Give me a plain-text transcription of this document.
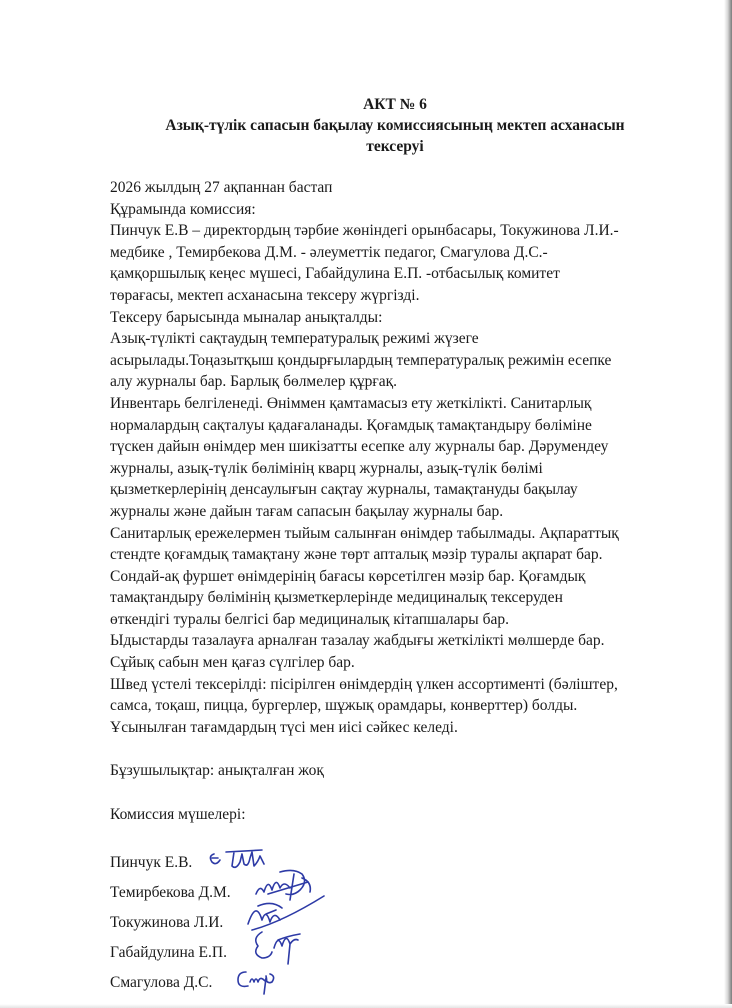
АКТ № 6

Азық-түлік сапасын бақылау комиссиясының мектеп асханасын

тексеруі

2026 жылдың 27 ақпаннан бастап
Құрамында комиссия:
Пинчук Е.В – директордың тәрбие жөніндегі орынбасары, Токужинова Л.И.-
медбике , Темирбекова Д.М. - әлеуметтік педагог, Смагулова Д.С.-
қамқоршылық кеңес мүшесі, Габайдулина Е.П. -отбасылық комитет
төрағасы, мектеп асханасына тексеру жүргізді.
Тексеру барысында мыналар анықталды:
Азық-түлікті сақтаудың температуралық режимі жүзеге
асырылады.Тоңазытқыш қондырғылардың температуралық режимін есепке
алу журналы бар. Барлық бөлмелер құрғақ.
Инвентарь белгіленеді. Өніммен қамтамасыз ету жеткілікті. Санитарлық
нормалардың сақталуы қадағаланады. Қоғамдық тамақтандыру бөліміне
түскен дайын өнімдер мен шикізатты есепке алу журналы бар. Дәрумендеу
журналы, азық-түлік бөлімінің кварц журналы, азық-түлік бөлімі
қызметкерлерінің денсаулығын сақтау журналы, тамақтануды бақылау
журналы және дайын тағам сапасын бақылау журналы бар.
Санитарлық ережелермен тыйым салынған өнімдер табылмады. Ақпараттық
стендте қоғамдық тамақтану және төрт апталық мәзір туралы ақпарат бар.
Сондай-ақ фуршет өнімдерінің бағасы көрсетілген мәзір бар. Қоғамдық
тамақтандыру бөлімінің қызметкерлерінде медициналық тексеруден
өткендігі туралы белгісі бар медициналық кітапшалары бар.
Ыдыстарды тазалауға арналған тазалау жабдығы жеткілікті мөлшерде бар.
Сұйық сабын мен қағаз сүлгілер бар.
Швед үстелі тексерілді: пісірілген өнімдердің үлкен ассортименті (бәліштер,
самса, тоқаш, пицца, бургерлер, шұжық орамдары, конверттер) болды.
Ұсынылған тағамдардың түсі мен иісі сәйкес келеді.
Бұзушылықтар: анықталған жоқ
Комиссия мүшелері:
Пинчук Е.В.
Темирбекова Д.М.
Токужинова Л.И.
Габайдулина Е.П.
Смагулова Д.С.
